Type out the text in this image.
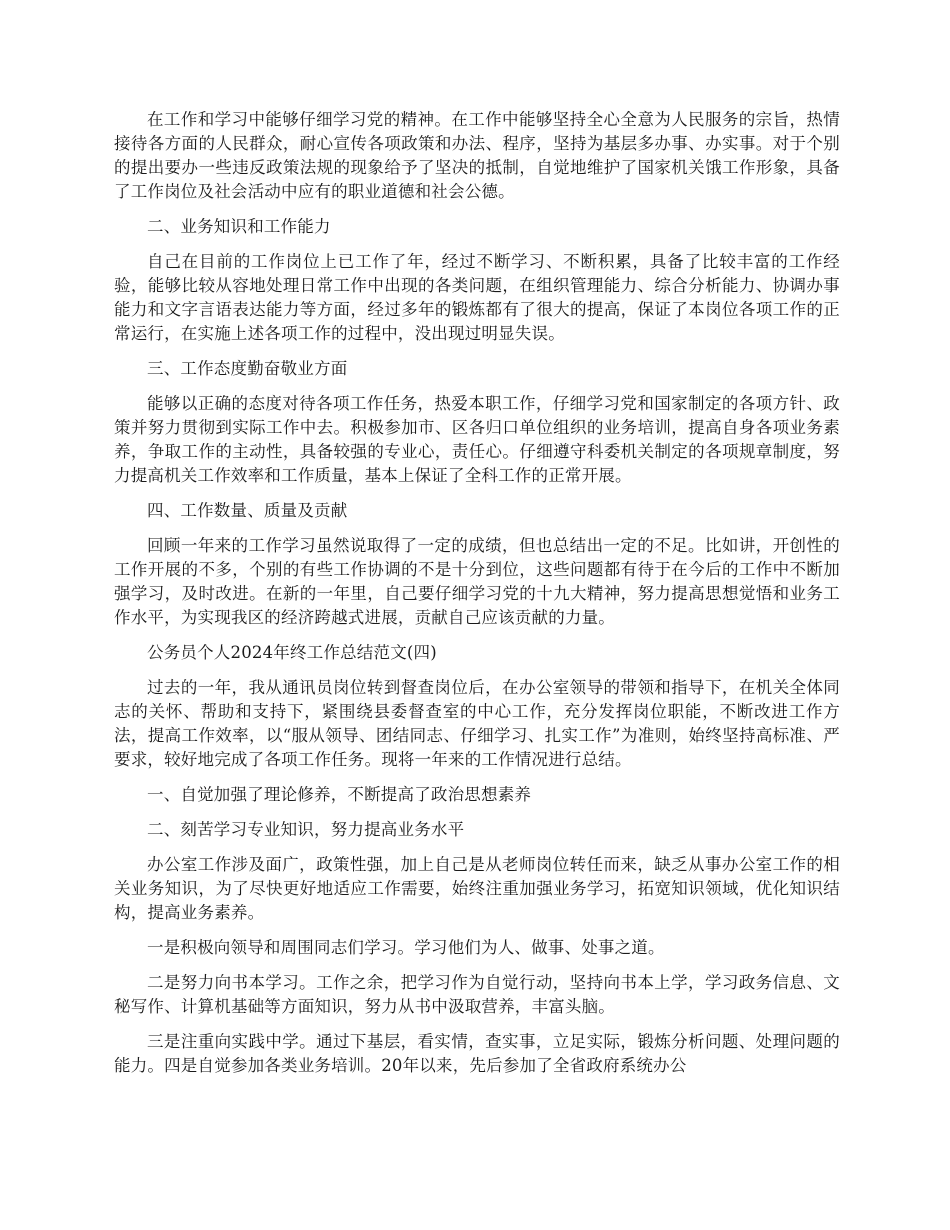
在工作和学习中能够仔细学习党的精神。在工作中能够坚持全心全意为人民服务的宗旨，热情接待各方面的人民群众，耐心宣传各项政策和办法、程序，坚持为基层多办事、办实事。对于个别的提出要办一些违反政策法规的现象给予了坚决的抵制，自觉地维护了国家机关饿工作形象，具备了工作岗位及社会活动中应有的职业道德和社会公德。

二、业务知识和工作能力

自己在目前的工作岗位上已工作了年，经过不断学习、不断积累，具备了比较丰富的工作经验，能够比较从容地处理日常工作中出现的各类问题，在组织管理能力、综合分析能力、协调办事能力和文字言语表达能力等方面，经过多年的锻炼都有了很大的提高，保证了本岗位各项工作的正常运行，在实施上述各项工作的过程中，没出现过明显失误。

三、工作态度勤奋敬业方面

能够以正确的态度对待各项工作任务，热爱本职工作，仔细学习党和国家制定的各项方针、政策并努力贯彻到实际工作中去。积极参加市、区各归口单位组织的业务培训，提高自身各项业务素养，争取工作的主动性，具备较强的专业心，责任心。仔细遵守科委机关制定的各项规章制度，努力提高机关工作效率和工作质量，基本上保证了全科工作的正常开展。

四、工作数量、质量及贡献

回顾一年来的工作学习虽然说取得了一定的成绩，但也总结出一定的不足。比如讲，开创性的工作开展的不多，个别的有些工作协调的不是十分到位，这些问题都有待于在今后的工作中不断加强学习，及时改进。在新的一年里，自己要仔细学习党的十九大精神，努力提高思想觉悟和业务工作水平，为实现我区的经济跨越式进展，贡献自己应该贡献的力量。

公务员个人2024年终工作总结范文(四)

过去的一年，我从通讯员岗位转到督查岗位后，在办公室领导的带领和指导下，在机关全体同志的关怀、帮助和支持下，紧围绕县委督查室的中心工作，充分发挥岗位职能，不断改进工作方法，提高工作效率，以“服从领导、团结同志、仔细学习、扎实工作”为准则，始终坚持高标准、严要求，较好地完成了各项工作任务。现将一年来的工作情况进行总结。

一、自觉加强了理论修养，不断提高了政治思想素养

二、刻苦学习专业知识，努力提高业务水平

办公室工作涉及面广，政策性强，加上自己是从老师岗位转任而来，缺乏从事办公室工作的相关业务知识，为了尽快更好地适应工作需要，始终注重加强业务学习，拓宽知识领域，优化知识结构，提高业务素养。

一是积极向领导和周围同志们学习。学习他们为人、做事、处事之道。

二是努力向书本学习。工作之余，把学习作为自觉行动，坚持向书本上学，学习政务信息、文秘写作、计算机基础等方面知识，努力从书中汲取营养，丰富头脑。

三是注重向实践中学。通过下基层，看实情，查实事，立足实际，锻炼分析问题、处理问题的能力。四是自觉参加各类业务培训。20年以来，先后参加了全省政府系统办公
